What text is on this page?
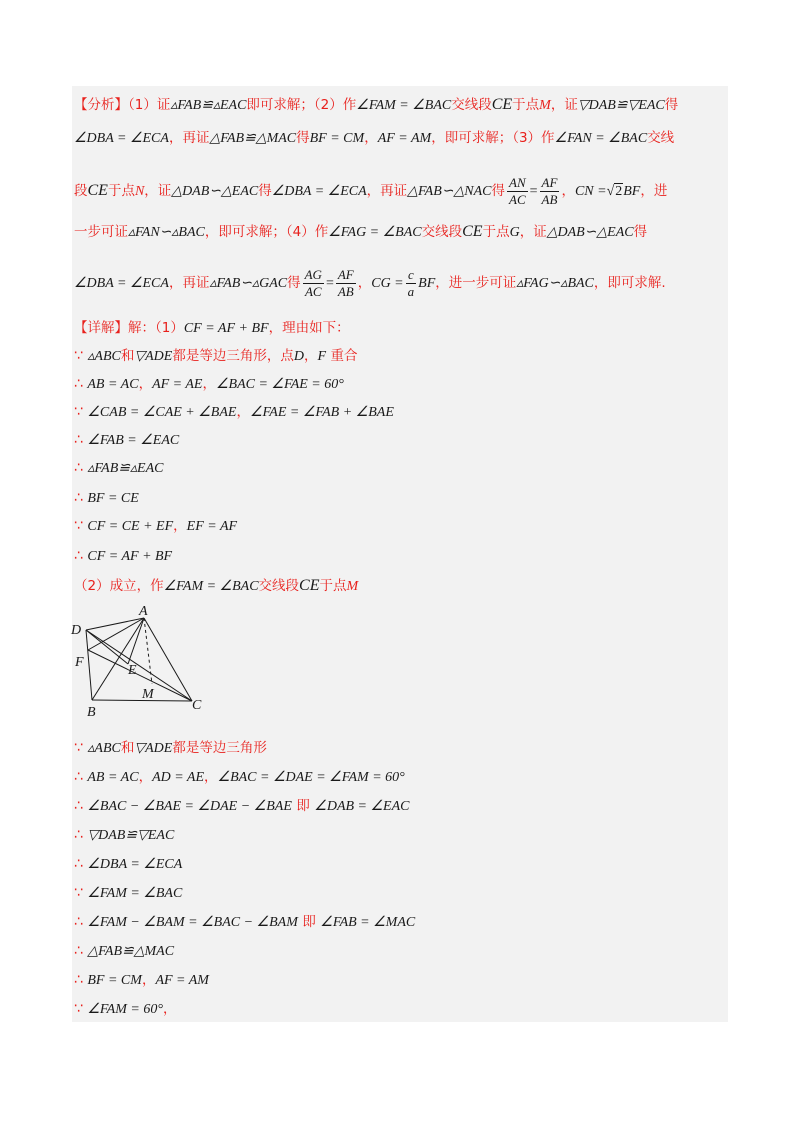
【分析】（1）证▵FAB≌▵EAC即可求解；（2）作∠FAM = ∠BAC交线段CE于点M，证▽DAB≌▽EAC得
∠DBA = ∠ECA，再证△FAB≌△MAC得BF = CM，AF = AM，即可求解；（3）作∠FAN = ∠BAC交线
段CE于点N，证△DAB∽△EAC得∠DBA = ∠ECA，再证△FAB∽△NAC得 $\frac{AN}{AC} = \frac{AF}{AB}$ ，CN =√2BF，进
一步可证▵FAN∽▵BAC，即可求解；（4）作∠FAG = ∠BAC交线段CE于点G，证△DAB∽△EAC得
∠DBA = ∠ECA，再证▵FAB∽▵GAC得 $\frac{AG}{AC} = \frac{AF}{AB}$ ，CG = $\frac{c}{a}$ BF，进一步可证▵FAG∽▵BAC，即可求解.
【详解】解：（1）CF = AF + BF，理由如下：
∵ ▵ABC和▽ADE都是等边三角形，点D，F 重合
∴ AB = AC，AF = AE，∠BAC = ∠FAE = 60°
∵ ∠CAB = ∠CAE + ∠BAE，∠FAE = ∠FAB + ∠BAE
∴ ∠FAB = ∠EAC
∴ ▵FAB≌▵EAC
∴ BF = CE
∵ CF = CE + EF，EF = AF
∴ CF = AF + BF
（2）成立，作∠FAM = ∠BAC交线段CE于点M
A
D
F
E
M
B	C
∵ ▵ABC和▽ADE都是等边三角形
∴ AB = AC，AD = AE，∠BAC = ∠DAE = ∠FAM = 60°
∴ ∠BAC − ∠BAE = ∠DAE − ∠BAE 即 ∠DAB = ∠EAC
∴ ▽DAB≌▽EAC
∴ ∠DBA = ∠ECA
∵ ∠FAM = ∠BAC
∴ ∠FAM − ∠BAM = ∠BAC − ∠BAM 即 ∠FAB = ∠MAC
∴ △FAB≌△MAC
∴ BF = CM，AF = AM
∵ ∠FAM = 60°，
